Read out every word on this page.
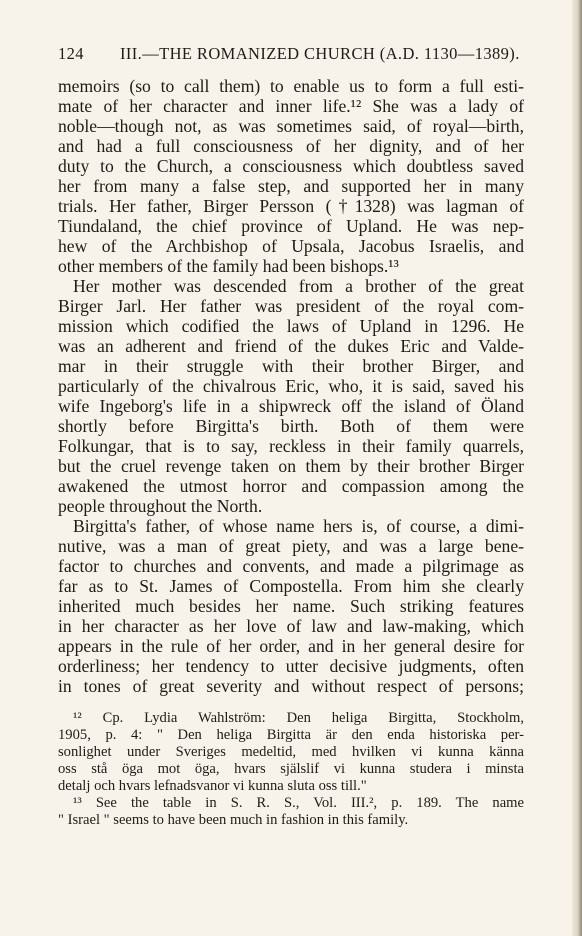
124 III.—THE ROMANIZED CHURCH (A.D. 1130—1389).
memoirs (so to call them) to enable us to form a full esti-
mate of her character and inner life.¹² She was a lady of
noble—though not, as was sometimes said, of royal—birth,
and had a full consciousness of her dignity, and of her
duty to the Church, a consciousness which doubtless saved
her from many a false step, and supported her in many
trials. Her father, Birger Persson (†1328) was lagman of
Tiundaland, the chief province of Upland. He was nep-
hew of the Archbishop of Upsala, Jacobus Israelis, and
other members of the family had been bishops.¹³
Her mother was descended from a brother of the great
Birger Jarl. Her father was president of the royal com-
mission which codified the laws of Upland in 1296. He
was an adherent and friend of the dukes Eric and Valde-
mar in their struggle with their brother Birger, and
particularly of the chivalrous Eric, who, it is said, saved his
wife Ingeborg's life in a shipwreck off the island of Öland
shortly before Birgitta's birth. Both of them were
Folkungar, that is to say, reckless in their family quarrels,
but the cruel revenge taken on them by their brother Birger
awakened the utmost horror and compassion among the
people throughout the North.
Birgitta's father, of whose name hers is, of course, a dimi-
nutive, was a man of great piety, and was a large bene-
factor to churches and convents, and made a pilgrimage as
far as to St. James of Compostella. From him she clearly
inherited much besides her name. Such striking features
in her character as her love of law and law-making, which
appears in the rule of her order, and in her general desire for
orderliness; her tendency to utter decisive judgments, often
in tones of great severity and without respect of persons;
¹² Cp. Lydia Wahlström: Den heliga Birgitta, Stockholm,
1905, p. 4: " Den heliga Birgitta är den enda historiska per-
sonlighet under Sveriges medeltid, med hvilken vi kunna känna
oss stå öga mot öga, hvars själslif vi kunna studera i minsta
detalj och hvars lefnadsvanor vi kunna sluta oss till."
¹³ See the table in S. R. S., Vol. III.², p. 189. The name
" Israel " seems to have been much in fashion in this family.
